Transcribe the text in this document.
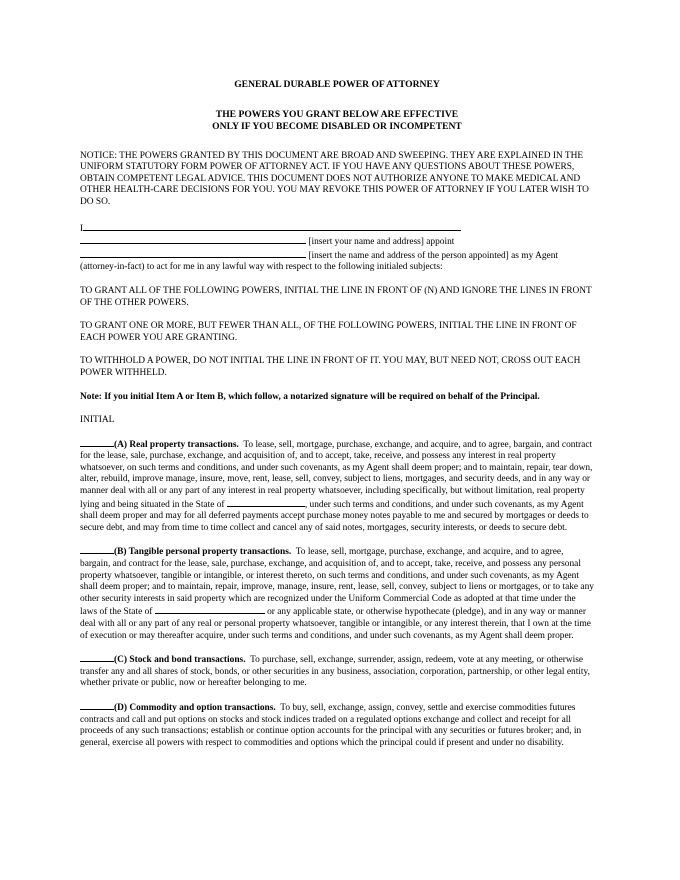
GENERAL DURABLE POWER OF ATTORNEY

THE POWERS YOU GRANT BELOW ARE EFFECTIVE
ONLY IF YOU BECOME DISABLED OR INCOMPETENT

NOTICE: THE POWERS GRANTED BY THIS DOCUMENT ARE BROAD AND SWEEPING. THEY ARE EXPLAINED IN THE UNIFORM STATUTORY FORM POWER OF ATTORNEY ACT. IF YOU HAVE ANY QUESTIONS ABOUT THESE POWERS, OBTAIN COMPETENT LEGAL ADVICE. THIS DOCUMENT DOES NOT AUTHORIZE ANYONE TO MAKE MEDICAL AND OTHER HEALTH-CARE DECISIONS FOR YOU. YOU MAY REVOKE THIS POWER OF ATTORNEY IF YOU LATER WISH TO DO SO.

I
[insert your name and address] appoint
[insert the name and address of the person appointed] as my Agent
(attorney-in-fact) to act for me in any lawful way with respect to the following initialed subjects:

TO GRANT ALL OF THE FOLLOWING POWERS, INITIAL THE LINE IN FRONT OF (N) AND IGNORE THE LINES IN FRONT OF THE OTHER POWERS.

TO GRANT ONE OR MORE, BUT FEWER THAN ALL, OF THE FOLLOWING POWERS, INITIAL THE LINE IN FRONT OF EACH POWER YOU ARE GRANTING.

TO WITHHOLD A POWER, DO NOT INITIAL THE LINE IN FRONT OF IT. YOU MAY, BUT NEED NOT, CROSS OUT EACH POWER WITHHELD.

Note: If you initial Item A or Item B, which follow, a notarized signature will be required on behalf of the Principal.

INITIAL

(A) Real property transactions. To lease, sell, mortgage, purchase, exchange, and acquire, and to agree, bargain, and contract for the lease, sale, purchase, exchange, and acquisition of, and to accept, take, receive, and possess any interest in real property whatsoever, on such terms and conditions, and under such covenants, as my Agent shall deem proper; and to maintain, repair, tear down, alter, rebuild, improve manage, insure, move, rent, lease, sell, convey, subject to liens, mortgages, and security deeds, and in any way or manner deal with all or any part of any interest in real property whatsoever, including specifically, but without limitation, real property lying and being situated in the State of	, under such terms and conditions, and under such covenants, as my Agent shall deem proper and may for all deferred payments accept purchase money notes payable to me and secured by mortgages or deeds to secure debt, and may from time to time collect and cancel any of said notes, mortgages, security interests, or deeds to secure debt.

(B) Tangible personal property transactions. To lease, sell, mortgage, purchase, exchange, and acquire, and to agree, bargain, and contract for the lease, sale, purchase, exchange, and acquisition of, and to accept, take, receive, and possess any personal property whatsoever, tangible or intangible, or interest thereto, on such terms and conditions, and under such covenants, as my Agent shall deem proper; and to maintain, repair, improve, manage, insure, rent, lease, sell, convey, subject to liens or mortgages, or to take any other security interests in said property which are recognized under the Uniform Commercial Code as adopted at that time under the laws of the State of	or any applicable state, or otherwise hypothecate (pledge), and in any way or manner deal with all or any part of any real or personal property whatsoever, tangible or intangible, or any interest therein, that I own at the time of execution or may thereafter acquire, under such terms and conditions, and under such covenants, as my Agent shall deem proper.

(C) Stock and bond transactions. To purchase, sell, exchange, surrender, assign, redeem, vote at any meeting, or otherwise transfer any and all shares of stock, bonds, or other securities in any business, association, corporation, partnership, or other legal entity, whether private or public, now or hereafter belonging to me.

(D) Commodity and option transactions. To buy, sell, exchange, assign, convey, settle and exercise commodities futures contracts and call and put options on stocks and stock indices traded on a regulated options exchange and collect and receipt for all proceeds of any such transactions; establish or continue option accounts for the principal with any securities or futures broker; and, in general, exercise all powers with respect to commodities and options which the principal could if present and under no disability.
